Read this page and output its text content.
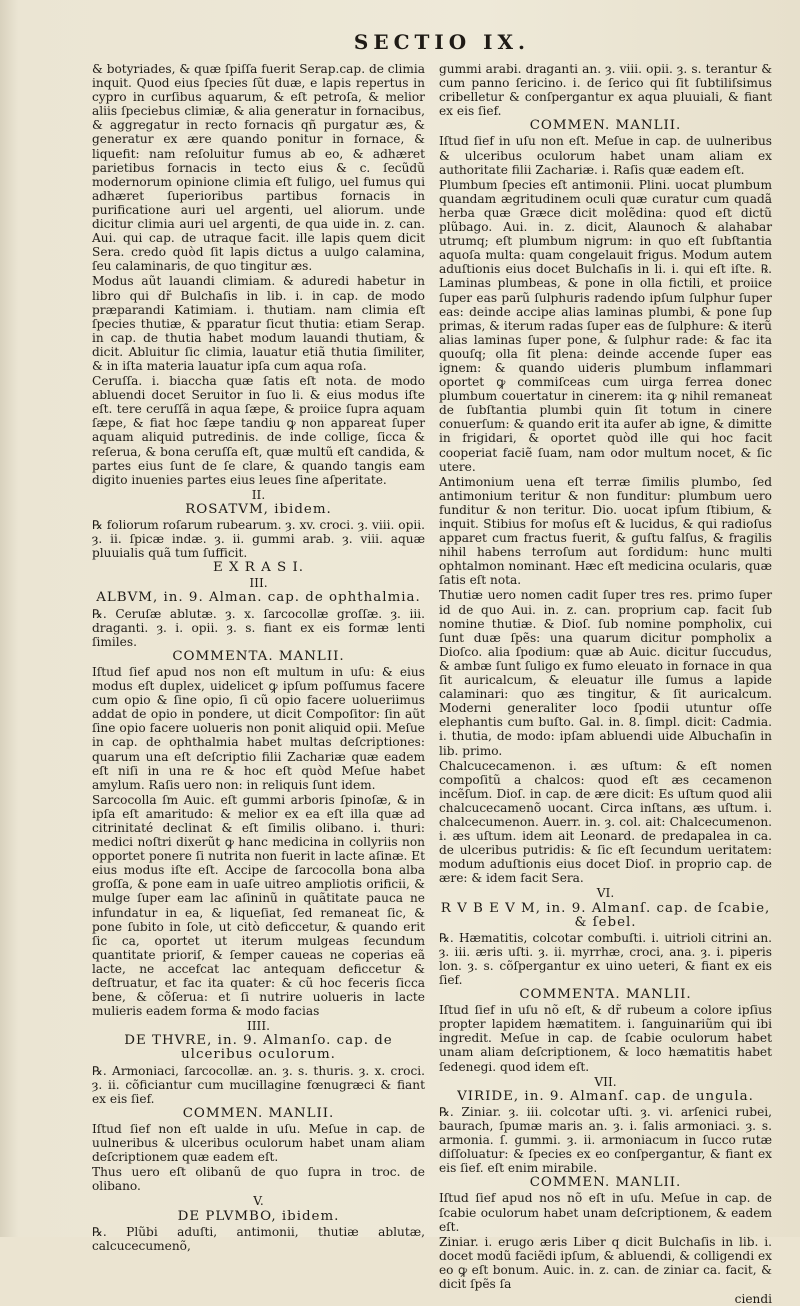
SECTIO IX.

& botyriades, & quæ ſpiſſa fuerit Serap.cap. de climia inquit. Quod eius ſpecies ſũt duæ, e lapis repertus in cypro in curſibus aquarum, & eſt petroſa, & melior aliis ſpeciebus climiæ, & alia generatur in fornacibus, & aggregatur in recto fornacis qñ purgatur æs, & generatur ex ære quando ponitur in fornace, & liquefit: nam reſoluitur fumus ab eo, & adhæret parietibus fornacis in tecto eius & c. ſecũdũ modernorum opinione climia eſt fuligo, uel fumus qui adhæret ſuperioribus partibus fornacis in purificatione auri uel argenti, uel aliorum. unde dicitur climia auri uel argenti, de qua uide in. z. can. Aui. qui cap. de utraque facit. ille lapis quem dicit Sera. credo quòd ſit lapis dictus a uulgo calamina, ſeu calaminaris, de quo tingitur æs.

Modus aũt lauandi climiam. & aduredi habetur in libro qui dr̃ Bulchaſis in lib. i. in cap. de modo præparandi Katimiam. i. thutiam. nam climia eſt ſpecies thutiæ, & pparatur ſicut thutia: etiam Serap. in cap. de thutia habet modum lauandi thutiam, & dicit. Abluitur ſic climia, lauatur etiã thutia ſimiliter, & in iſta materia lauatur ipſa cum aqua roſa.

Ceruſſa. i. biaccha quæ ſatis eſt nota. de modo abluendi docet Seruitor in ſuo li. & eius modus iſte eſt. tere ceruſſã in aqua ſæpe, & proiice ſupra aquam ſæpe, & fiat hoc ſæpe tandiu ꝙ non appareat ſuper aquam aliquid putredinis. de inde collige, ſicca & reſerua, & bona ceruſſa eſt, quæ multũ eſt candida, & partes eius ſunt de ſe clare, & quando tangis eam digito inuenies partes eius leues ſine aſperitate.

II.

ROSATVM, ibidem.

℞ foliorum roſarum rubearum. ȝ. xv. croci. ȝ. viii. opii. ȝ. ii. ſpicæ indæ. ȝ. ii. gummi arab. ȝ. viii. aquæ pluuialis quã tum ſufficit.

E X R A S I.

III.

ALBVM, in. 9. Alman. cap. de ophthalmia.

℞. Ceruſæ ablutæ. ȝ. x. ſarcocollæ groſſæ. ȝ. iii. draganti. ȝ. i. opii. ȝ. s. fiant ex eis formæ lenti ſimiles.

COMMENTA. MANLII.

Iſtud ſief apud nos non eſt multum in uſu: & eius modus eſt duplex, uidelicet ꝙ ipſum poſſumus facere cum opio & ſine opio, ſi cũ opio facere uolueriimus addat de opio in pondere, ut dicit Compoſitor: ſin aũt ſine opio facere uolueris non ponit aliquid opii. Meſue in cap. de ophthalmia habet multas deſcriptiones: quarum una eſt deſcriptio filii Zachariæ quæ eadem eſt niſi in una re & hoc eſt quòd Meſue habet amylum. Raſis uero non: in reliquis ſunt idem.

Sarcocolla ſm Auic. eſt gummi arboris ſpinoſæ, & in ipſa eſt amaritudo: & melior ex ea eſt illa quæ ad citrinitaté declinat & eſt ſimilis olibano. i. thuri: medici noſtri dixerũt ꝙ hanc medicina in collyriis non opportet ponere ſi nutrita non fuerit in lacte aſinæ. Et eius modus iſte eſt. Accipe de ſarcocolla bona alba groſſa, & pone eam in uaſe uitreo ampliotis orificii, & mulge ſuper eam lac aſininũ in quãtitate pauca ne infundatur in ea, & liqueſiat, ſed remaneat ſic, & pone ſubito in ſole, ut citò deficcetur, & quando erit ſic ca, oportet ut iterum mulgeas ſecundum quantitate prioriſ, & ſemper caueas ne coperias eã lacte, ne accefcat lac antequam deficcetur & deſtruatur, et fac ita quater: & cũ hoc feceris ſicca bene, & cõſerua: et ſi nutrire uolueris in lacte mulieris eadem forma & modo facias

IIII.

DE THVRE, in. 9. Almanſo. cap. de ulceribus oculorum.

℞. Armoniaci, ſarcocollæ. an. ȝ. s. thuris. ȝ. x. croci. ȝ. ii. cõficiantur cum mucillagine fœnugræci & fiant ex eis ſief.

COMMEN. MANLII.

Iſtud ſief non eſt ualde in uſu. Meſue in cap. de uulneribus & ulceribus oculorum habet unam aliam deſcriptionem quæ eadem eſt.

Thus uero eſt olibanũ de quo ſupra in troc. de olibano.

V.

DE PLVMBO, ibidem.

℞. Plũbi aduſti, antimonii, thutiæ ablutæ, calcucecumenõ,

gummi arabi. draganti an. ȝ. viii. opii. ȝ. s. terantur & cum panno ſericino. i. de ſerico qui ſit ſubtiliſsimus cribelletur & conſpergantur ex aqua pluuiali, & fiant ex eis ſief.

COMMEN. MANLII.

Iſtud ſief in uſu non eſt. Meſue in cap. de uulneribus & ulceribus oculorum habet unam aliam ex authoritate filii Zachariæ. i. Raſis quæ eadem eſt.

Plumbum ſpecies eſt antimonii. Plini. uocat plumbum quandam ægritudinem oculi quæ curatur cum quadã herba quæ Græce dicit molẽdina: quod eſt dictũ plũbago. Aui. in. z. dicit, Alaunoch & alahabar utrumq; eſt plumbum nigrum: in quo eſt ſubſtantia aquoſa multa: quam congelauit frigus. Modum autem aduſtionis eius docet Bulchaſis in li. i. qui eſt iſte. ℞. Laminas plumbeas, & pone in olla fictili, et proiice ſuper eas parũ ſulphuris radendo ipſum ſulphur ſuper eas: deinde accipe alias laminas plumbi, & pone ſup primas, & iterum radas ſuper eas de ſulphure: & iterũ alias laminas ſuper pone, & ſulphur rade: & fac ita quouſq; olla ſit plena: deinde accende ſuper eas ignem: & quando uideris plumbum inflammari oportet ꝙ commiſceas cum uirga ferrea donec plumbum couertatur in cinerem: ita ꝙ nihil remaneat de ſubſtantia plumbi quin ſit totum in cinere conuerſum: & quando erit ita aufer ab igne, & dimitte in frigidari, & oportet quòd ille qui hoc facit cooperiat faciẽ ſuam, nam odor multum nocet, & ſic utere.

Antimonium uena eſt terræ ſimilis plumbo, ſed antimonium teritur & non funditur: plumbum uero funditur & non teritur. Dio. uocat ipſum ſtibium, & inquit. Stibius for moſus eſt & lucidus, & qui radioſus apparet cum fractus fuerit, & guſtu falſus, & fragilis nihil habens terroſum aut ſordidum: hunc multi ophtalmon nominant. Hæc eſt medicina ocularis, quæ ſatis eſt nota.

Thutiæ uero nomen cadit ſuper tres res. primo ſuper id de quo Aui. in. z. can. proprium cap. facit ſub nomine thutiæ. & Dioſ. ſub nomine pompholix, cui ſunt duæ ſpẽs: una quarum dicitur pompholix a Dioſco. alia ſpodium: quæ ab Auic. dicitur ſuccudus, & ambæ ſunt ſuligo ex fumo eleuato in fornace in qua ſit auricalcum, & eleuatur ille ſumus a lapide calaminari: quo æs tingitur, & ſit auricalcum. Moderni generaliter loco ſpodii utuntur oſſe elephantis cum buſto. Gal. in. 8. ſimpl. dicit: Cadmia. i. thutia, de modo: ipſam abluendi uide Albuchaſin in lib. primo.

Chalcucecamenon. i. æs uſtum: & eſt nomen compoſitũ a chalcos: quod eſt æs cecamenon incẽſum. Dioſ. in cap. de ære dicit: Es uſtum quod alii chalcucecamenõ uocant. Circa inſtans, æs uſtum. i. chalcecumenon. Auerr. in. ȝ. col. ait: Chalcecumenon. i. æs uſtum. idem ait Leonard. de predapalea in ca. de ulceribus putridis: & ſic eſt ſecundum ueritatem: modum aduſtionis eius docet Dioſ. in proprio cap. de ære: & idem facit Sera.

VI.

R V B E V M, in. 9. Almanſ. cap. de ſcabie, & ſebel.

℞. Hæmatitis, colcotar combuſti. i. uitrioli citrini an. ȝ. iii. æris uſti. ȝ. ii. myrrhæ, croci, ana. ȝ. i. piperis lon. ȝ. s. cõſpergantur ex uino ueteri, & fiant ex eis ſief.

COMMENTA. MANLII.

Iſtud ſief in uſu nõ eſt, & dr̃ rubeum a colore ipſius propter lapidem hæmatitem. i. ſanguinariũm qui ibi ingredit. Meſue in cap. de ſcabie oculorum habet unam aliam deſcriptionem, & loco hæmatitis habet ſedenegi. quod idem eſt.

VII.

VIRIDE, in. 9. Almanſ. cap. de ungula.

℞. Ziniar. ȝ. iii. colcotar uſti. ȝ. vi. arſenici rubei, baurach, ſpumæ maris an. ȝ. i. ſalis armoniaci. ȝ. s. armonia. ſ. gummi. ȝ. ii. armoniacum in ſucco rutæ diſſoluatur: & ſpecies ex eo conſpergantur, & fiant ex eis ſief. eſt enim mirabile.

COMMEN. MANLII.

Iſtud ſief apud nos nõ eſt in uſu. Meſue in cap. de ſcabie oculorum habet unam deſcriptionem, & eadem eſt.

Ziniar. i. erugo æris Liber q dicit Bulchaſis in lib. i. docet modũ faciẽdi ipſum, & abluendi, & colligendi ex eo ꝙ eſt bonum. Auic. in. z. can. de ziniar ca. facit, & dicit ſpẽs ſa

ciendi
